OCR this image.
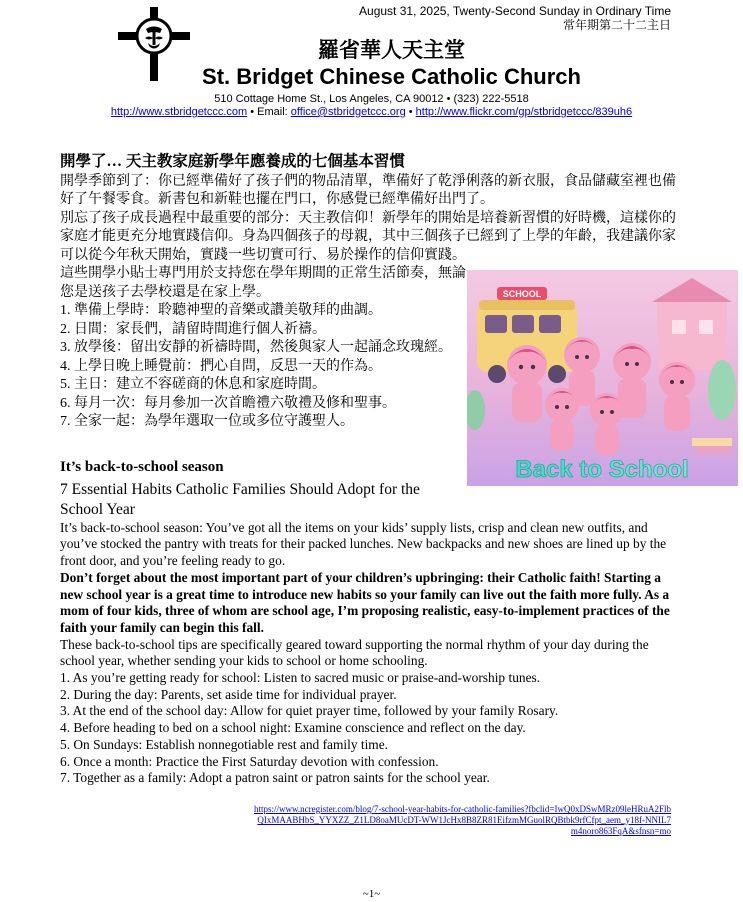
August 31, 2025, Twenty-Second Sunday in Ordinary Time
常年期第二十二主日
羅省華人天主堂
St. Bridget Chinese Catholic Church
510 Cottage Home St., Los Angeles, CA 90012 • (323) 222-5518
http://www.stbridgetccc.com • Email: office@stbridgetccc.org • http://www.flickr.com/gp/stbridgetccc/839uh6
開學了… 天主教家庭新學年應養成的七個基本習慣

開學季節到了：你已經準備好了孩子們的物品清單，準備好了乾淨俐落的新衣服，食品儲藏室裡也備好了午餐零食。新書包和新鞋也擺在門口，你感覺已經準備好出門了。

別忘了孩子成長過程中最重要的部分：天主教信仰！新學年的開始是培養新習慣的好時機，這樣你的家庭才能更充分地實踐信仰。身為四個孩子的母親，其中三個孩子已經到了上學的年齡，我建議你家可以從今年秋天開始，實踐一些切實可行、易於操作的信仰實踐。

這些開學小貼士專門用於支持您在學年期間的正常生活節奏，無論您是送孩子去學校還是在家上學。

1. 準備上學時：聆聽神聖的音樂或讚美敬拜的曲調。

2. 日間：家長們，請留時間進行個人祈禱。

3. 放學後：留出安靜的祈禱時間，然後與家人一起誦念玫瑰經。

4. 上學日晚上睡覺前：捫心自問，反思一天的作為。

5. 主日：建立不容磋商的休息和家庭時間。

6. 每月一次：每月參加一次首瞻禮六敬禮及修和聖事。

7. 全家一起：為學年選取一位或多位守護聖人。

SCHOOL
Back to School
It’s back-to-school season
7 Essential Habits Catholic Families Should Adopt for the School Year

It’s back-to-school season: You’ve got all the items on your kids’ supply lists, crisp and clean new outfits, and you’ve stocked the pantry with treats for their packed lunches. New backpacks and new shoes are lined up by the front door, and you’re feeling ready to go.

Don’t forget about the most important part of your children’s upbringing: their Catholic faith! Starting a new school year is a great time to introduce new habits so your family can live out the faith more fully. As a mom of four kids, three of whom are school age, I’m proposing realistic, easy-to-implement practices of the faith your family can begin this fall.

These back-to-school tips are specifically geared toward supporting the normal rhythm of your day during the school year, whether sending your kids to school or home schooling.

1. As you’re getting ready for school: Listen to sacred music or praise-and-worship tunes.

2. During the day: Parents, set aside time for individual prayer.

3. At the end of the school day: Allow for quiet prayer time, followed by your family Rosary.

4. Before heading to bed on a school night: Examine conscience and reflect on the day.

5. On Sundays: Establish nonnegotiable rest and family time.

6. Once a month: Practice the First Saturday devotion with confession.

7. Together as a family: Adopt a patron saint or patron saints for the school year.

https://www.ncregister.com/blog/7-school-year-habits-for-catholic-families?fbclid=IwQ0xDSwMRz09leHRuA2FlbQIxMAABHbS_YYXZZ_Z1LD8oaMUcDT-WW1JcHx8B8ZR81EifzmMGuolRQBtbk9rfCfpt_aem_y18f-NNIL7m4noro863FqA&sfnsn=mo
~1~
